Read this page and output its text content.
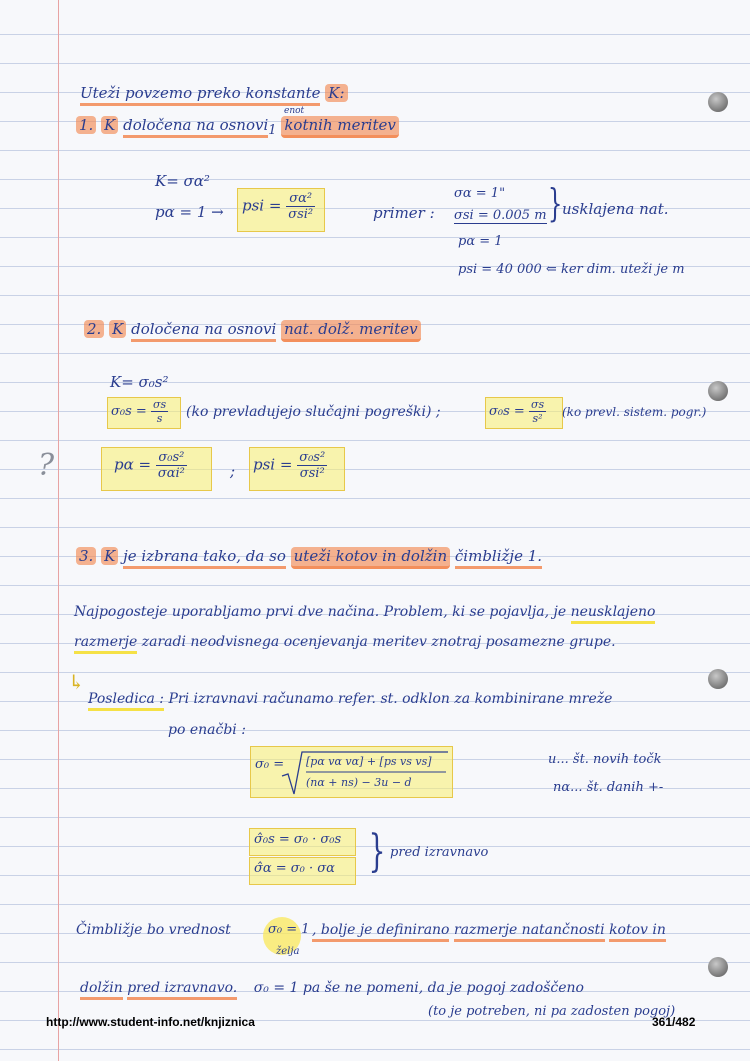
Uteži povzemo preko konstante K:
1. K določena na osnovi$_1$ kotnih meritev
enot
K= σα²
pα = 1 → psi = $\frac{\text{σα²}}{\text{σsi²}}$	primer :
σα = 1"
σsi = 0.005 m } usklajena nat.
pα = 1
psi = 40 000 ⇐ ker dim. uteži je m
2. K določena na osnovi nat. dolž. meritev
K= σ₀s²
$\sigma_0s = \frac{\sigma s}{s} (ko$ prevladujejo slučajni pogreški) ;	$\sigma_0s = \frac{\sigma s}{\text{s²}} (ko$ prevl. sistem. pogr.)
?	$p\alpha = \frac{\text{σ₀s²}}{\text{σαi²}}$	; psi = $\frac{\text{σ₀s²}}{\text{σsi²}}$
3. K je izbrana tako, da so uteži kotov in dolžin čimbližje 1.
Najpogosteje uporabljamo prvi dve načina. Problem, ki se pojavlja, je neusklajeno
razmerje zaradi neodvisnega ocenjevanja meritev znotraj posamezne grupe.
↳
Posledica : Pri izravnavi računamo refer. st. odklon za kombinirane mreže
po enačbi :
σ₀ = [pα vα vα] + [ps vs vs]
(nα + ns) − 3u − d
u... št. novih točk
nα... št. danih +-
σ̂₀s = σ₀ · σ₀s
σ̂α = σ₀ · σα } pred izravnavo
Čimbližje bo vrednost	σ₀ = 1
želja
, bolje je definirano razmerje natančnosti kotov in
dolžin pred izravnavo. σ₀ = 1 pa še ne pomeni, da je pogoj zadoščeno
(to je potreben, ni pa zadosten pogoj)
http://www.student-info.net/knjiznica	361/482
